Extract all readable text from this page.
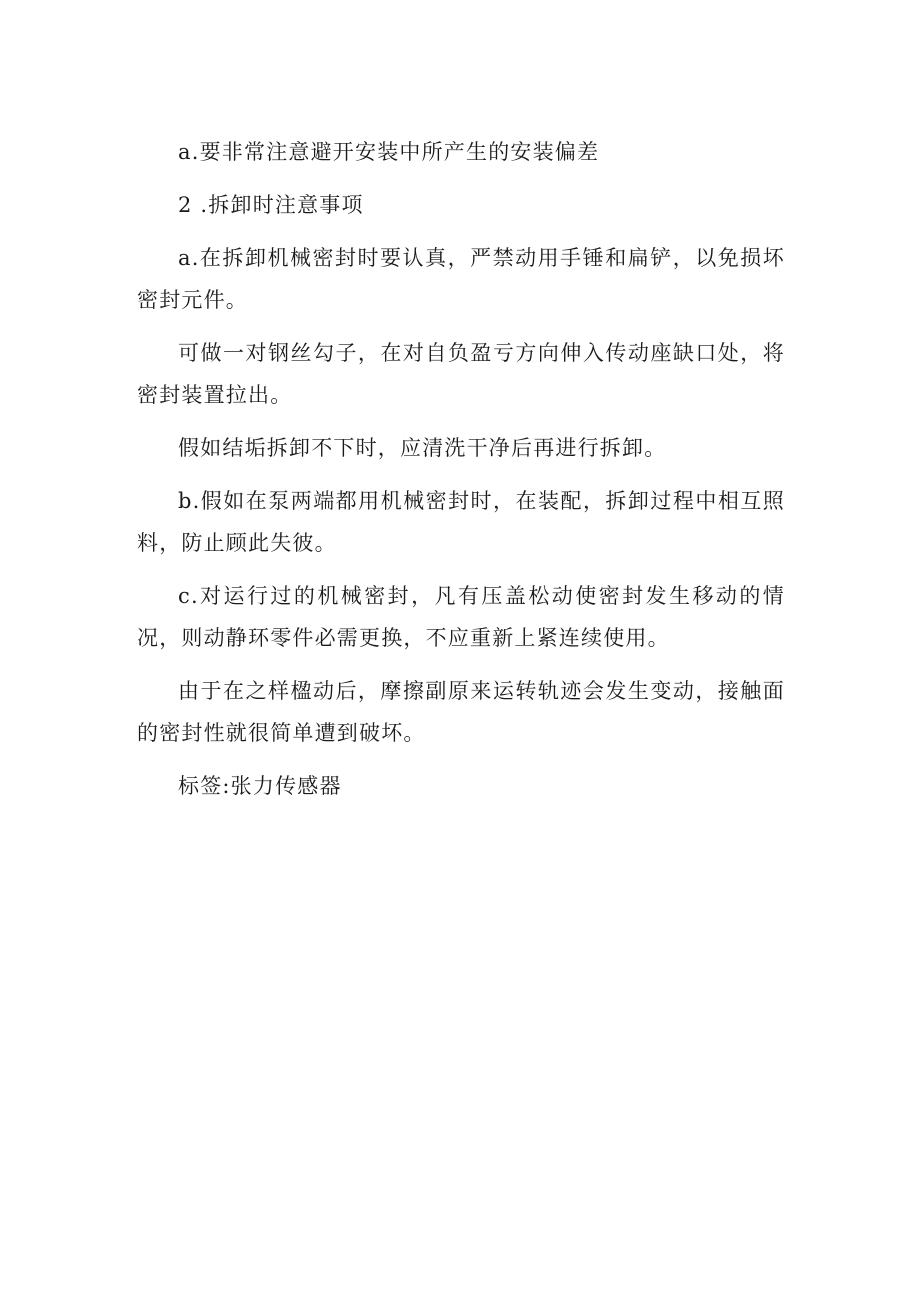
a.要非常注意避开安装中所产生的安装偏差

2 .拆卸时注意事项

a.在拆卸机械密封时要认真，严禁动用手锤和扁铲，以免损坏密封元件。

可做一对钢丝勾子，在对自负盈亏方向伸入传动座缺口处，将密封装置拉出。

假如结垢拆卸不下时，应清洗干净后再进行拆卸。

b.假如在泵两端都用机械密封时，在装配，拆卸过程中相互照料，防止顾此失彼。

c.对运行过的机械密封，凡有压盖松动使密封发生移动的情况，则动静环零件必需更换，不应重新上紧连续使用。

由于在之样楹动后，摩擦副原来运转轨迹会发生变动，接触面的密封性就很简单遭到破坏。

标签:张力传感器
